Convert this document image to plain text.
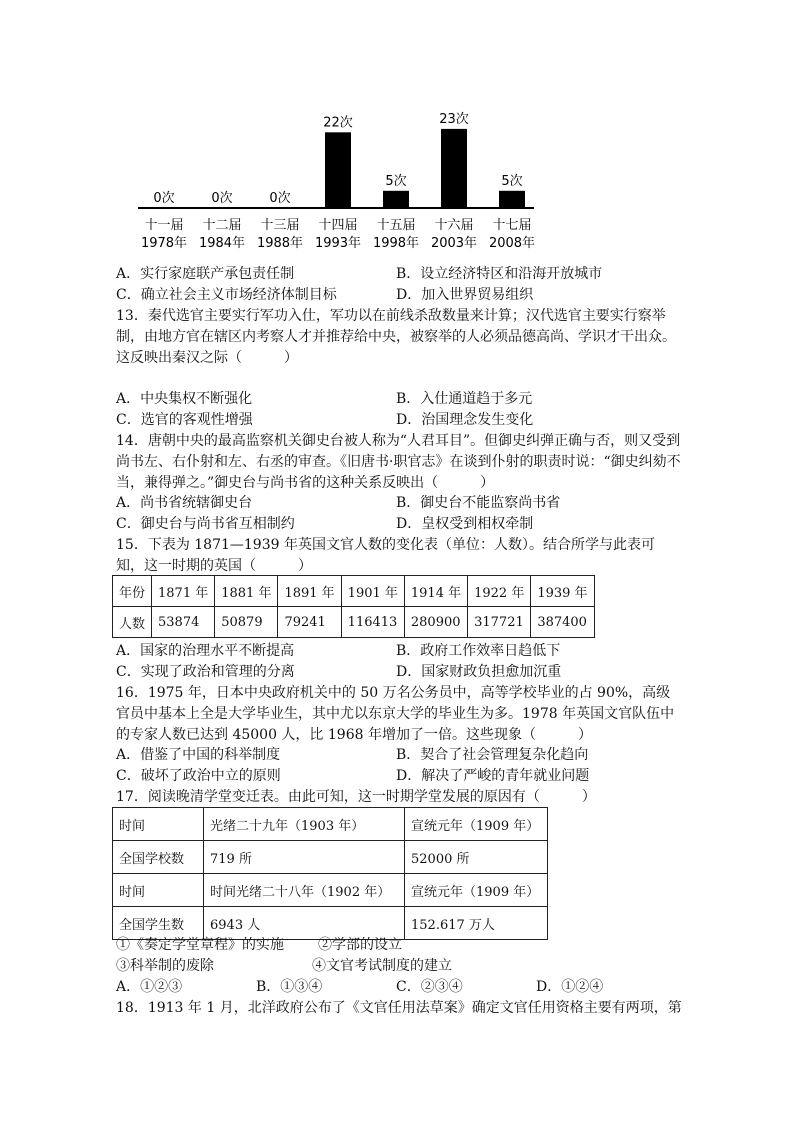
0次
十一届
1978年
0次
十二届
1984年
0次
十三届
1988年
22次
十四届
1993年
5次
十五届
1998年
23次
十六届
2003年
5次
十七届
2008年
A．实行家庭联产承包责任制	B．设立经济特区和沿海开放城市
C．确立社会主义市场经济体制目标	D．加入世界贸易组织
13．秦代选官主要实行军功入仕，军功以在前线杀敌数量来计算；汉代选官主要实行察举制，由地方官在辖区内考察人才并推荐给中央，被察举的人必须品德高尚、学识才干出众。这反映出秦汉之际（　　　）
A．中央集权不断强化	B．入仕通道趋于多元
C．选官的客观性增强	D．治国理念发生变化
14．唐朝中央的最高监察机关御史台被人称为“人君耳目”。但御史纠弹正确与否，则又受到尚书左、右仆射和左、右丞的审查。《旧唐书·职官志》在谈到仆射的职责时说：“御史纠劾不当，兼得弹之。”御史台与尚书省的这种关系反映出（　　　）
A．尚书省统辖御史台	B．御史台不能监察尚书省
C．御史台与尚书省互相制约	D．皇权受到相权牵制
15．下表为 1871—1939 年英国文官人数的变化表（单位：人数）。结合所学与此表可知，这一时期的英国（　　　）
年份	1871 年	1881 年	1891 年	1901 年	1914 年	1922 年	1939 年
人数	53874	50879	79241	116413	280900	317721	387400
A．国家的治理水平不断提高	B．政府工作效率日趋低下
C．实现了政治和管理的分离	D．国家财政负担愈加沉重
16．1975 年，日本中央政府机关中的 50 万名公务员中，高等学校毕业的占 90%，高级官员中基本上全是大学毕业生，其中尤以东京大学的毕业生为多。1978 年英国文官队伍中的专家人数已达到 45000 人，比 1968 年增加了一倍。这些现象（　　　）
A．借鉴了中国的科举制度	B．契合了社会管理复杂化趋向
C．破坏了政治中立的原则	D．解决了严峻的青年就业问题
17．阅读晚清学堂变迁表。由此可知，这一时期学堂发展的原因有（　　　）
时间	光绪二十九年（1903 年）	宣统元年（1909 年）
全国学校数	719 所	52000 所
时间	时间光绪二十八年（1902 年）	宣统元年（1909 年）
全国学生数	6943 人	152.617 万人
①《奏定学堂章程》的实施 ②学部的设立
③科举制的废除	④文官考试制度的建立
A．①②③	B．①③④	C．②③④	D．①②④
18．1913 年 1 月，北洋政府公布了《文官任用法草案》确定文官任用资格主要有两项，第
